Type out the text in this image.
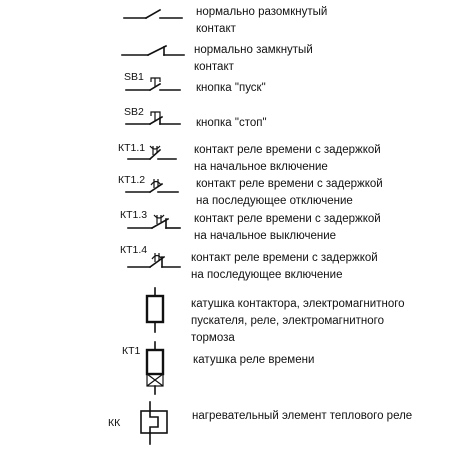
SB1
SB2
КТ1.1
КТ1.2
КТ1.3
КТ1.4
КТ1
КК
нормально разомкнутый
контакт
нормально замкнутый
контакт
кнопка "пуск"
кнопка "стоп"
контакт реле времени с задержкой
на начальное включение
контакт реле времени с задержкой
на последующее отключение
контакт реле времени с задержкой
на начальное выключение
контакт реле времени с задержкой
на последующее включение
катушка контактора, электромагнитного
пускателя, реле, электромагнитного
тормоза
катушка реле времени
нагревательный элемент теплового реле
